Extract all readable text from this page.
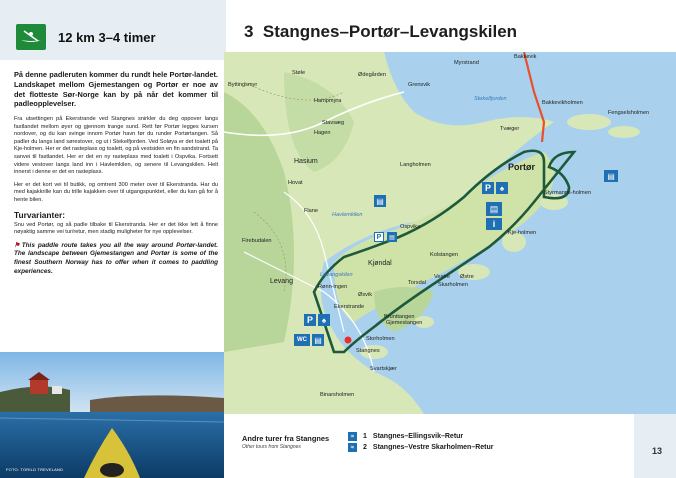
12 km 3–4 timer	3 Stangnes–Portør–Levangskilen

På denne padleruten kommer du rundt hele Portør-landet. Landskapet mellom Gjemestangen og Portør er noe av det flotteste Sør-Norge kan by på når det kommer til padleopplevelser.

Fra utsettingen på Ekerstrande ved Stangnes snirkler du deg oppover langs fastlandet mellom øyer og gjennom trange sund. Rett før Portør legges kursen nordover, og du kan svinge innom Portør havn før du runder Portørtangen. Så padler du langs land sørestover, og ut i Stekelfjorden. Ved Soløya er det toalett på Kje-holmen. Her er det rasteplass og toalett, og på vestsiden en fin sandstrand. Ta sanvei til fastlandet. Her er det en ny rasteplass med toalett i Ospvika. Fortsett videre vestover langs land inn i Havlemkilen, og senere til Levangskilen. Helt innerst i denne er det en rasteplass.

Her er det kort vei til butikk, og omtrent 300 meter over til Ekerstranda. Har du med kajakkrille kan du trille kajakken over til utgangspunktet, eller du kan gå for å hente bilen.

Turvarianter:

Snu ved Portør, og så padle tilbake til Ekerstranda. Her er det ikke lett å finne nøyaktig samme vei tur/retur, men stadig muligheter for nye opplevelser.

⚑ This paddle route takes you all the way around Portør-landet. The landscape between Gjemestangen and Portør is some of the finest Southern Norway has to offer when it comes to paddling experiences.

FOTO: TORILD TREVELAND
P	♠
▤
P	▤
▤
i
▤
P	♠
WC ▤
Myrstrand
Bakkevik
Støle	Ødegården
Byttingsmyr	Grensvik
Hampmyra	Stekelfjorden
Bakkevikholmen
Fengselsholmen
Stavsæg
Hagen
Tvæger
Langholmen
Hasium
Portør
Hovat
Styrmanns-holmen
Flane
Havlemkilen
Ospvika
Kje-holmen
Firebudalen
Kjøndal
Kolstangen
Levangskilen
Rønn-ingen
Torsdal
Vestre Østre
Skarholmen
Levang
Øsvik
Brunttangen
Ekerstrande
Gjemestangen
Storholmen
Stangnes
Svartskjær
Binarsholmen
Andre turer fra Stangnes
Other tours from Stangnes
≈	1 Stangnes–Ellingsvik–Retur
≈	2 Stangnes–Vestre Skarholmen–Retur	13
